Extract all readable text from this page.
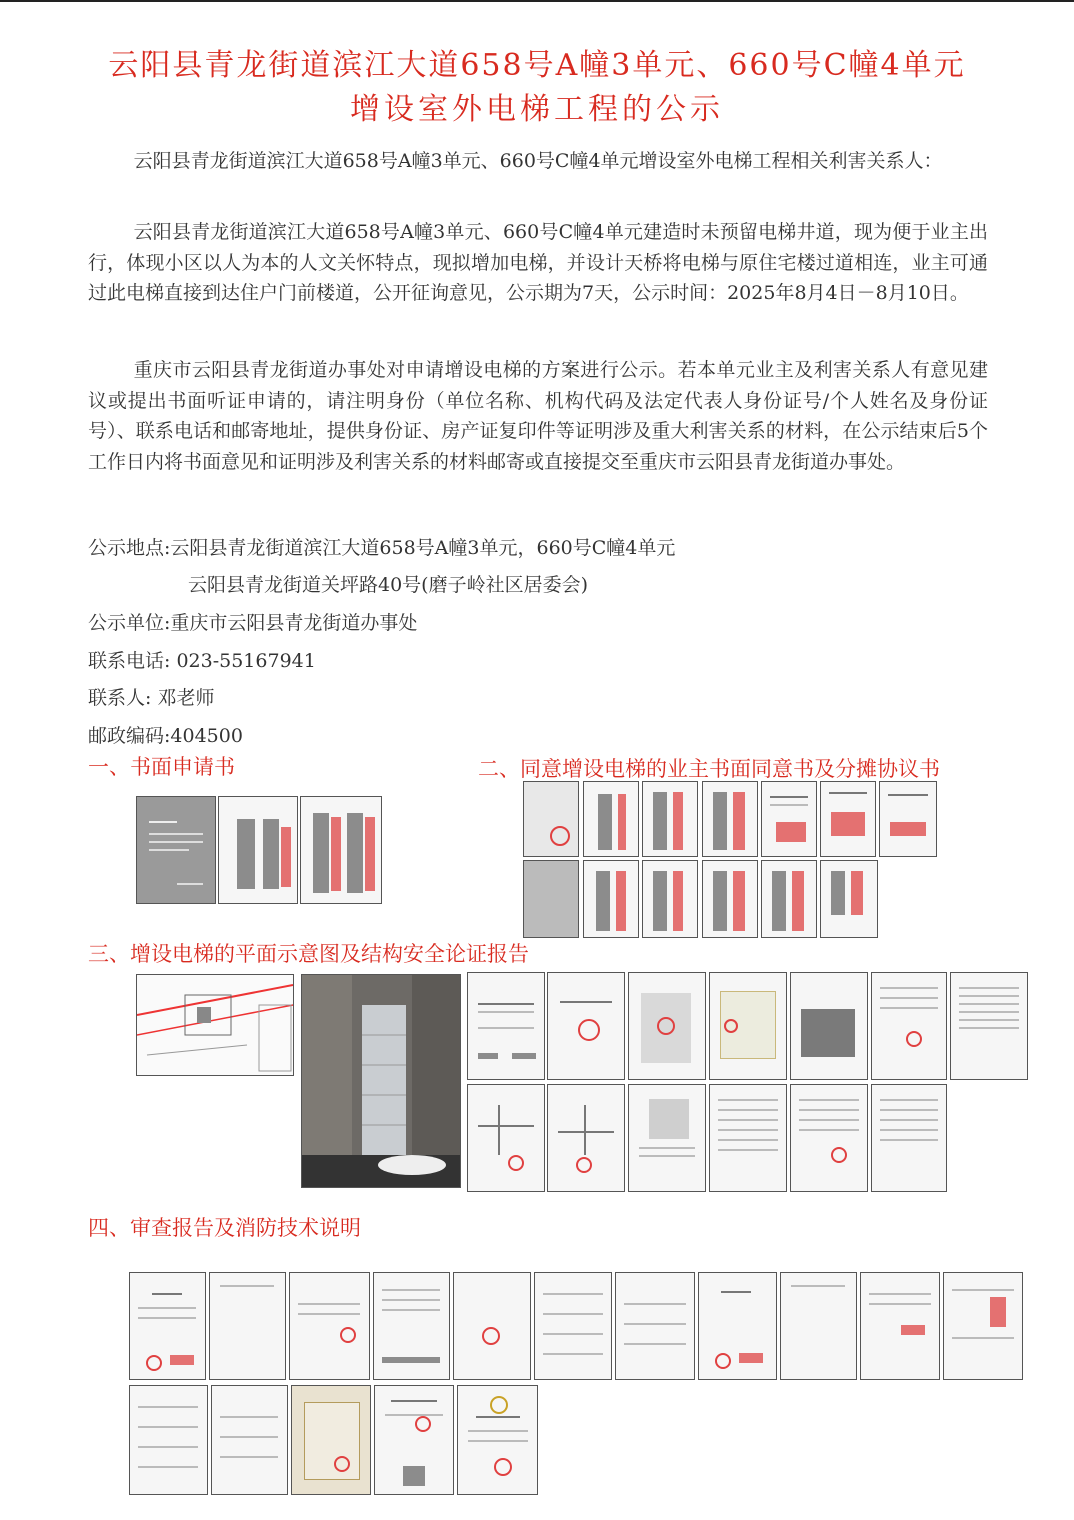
云阳县青龙街道滨江大道658号A幢3单元、660号C幢4单元
增设室外电梯工程的公示
云阳县青龙街道滨江大道658号A幢3单元、660号C幢4单元增设室外电梯工程相关利害关系人：
云阳县青龙街道滨江大道658号A幢3单元、660号C幢4单元建造时未预留电梯井道，现为便于业主出行，体现小区以人为本的人文关怀特点，现拟增加电梯，并设计天桥将电梯与原住宅楼过道相连，业主可通过此电梯直接到达住户门前楼道，公开征询意见，公示期为7天，公示时间：2025年8月4日－8月10日。
重庆市云阳县青龙街道办事处对申请增设电梯的方案进行公示。若本单元业主及利害关系人有意见建议或提出书面听证申请的，请注明身份（单位名称、机构代码及法定代表人身份证号/个人姓名及身份证号）、联系电话和邮寄地址，提供身份证、房产证复印件等证明涉及重大利害关系的材料，在公示结束后5个工作日内将书面意见和证明涉及利害关系的材料邮寄或直接提交至重庆市云阳县青龙街道办事处。
公示地点:云阳县青龙街道滨江大道658号A幢3单元，660号C幢4单元
云阳县青龙街道关坪路40号(磨子岭社区居委会)
公示单位:重庆市云阳县青龙街道办事处
联系电话: 023-55167941
联系人: 邓老师
邮政编码:404500
一、书面申请书	二、同意增设电梯的业主书面同意书及分摊协议书
三、增设电梯的平面示意图及结构安全论证报告
四、审查报告及消防技术说明
